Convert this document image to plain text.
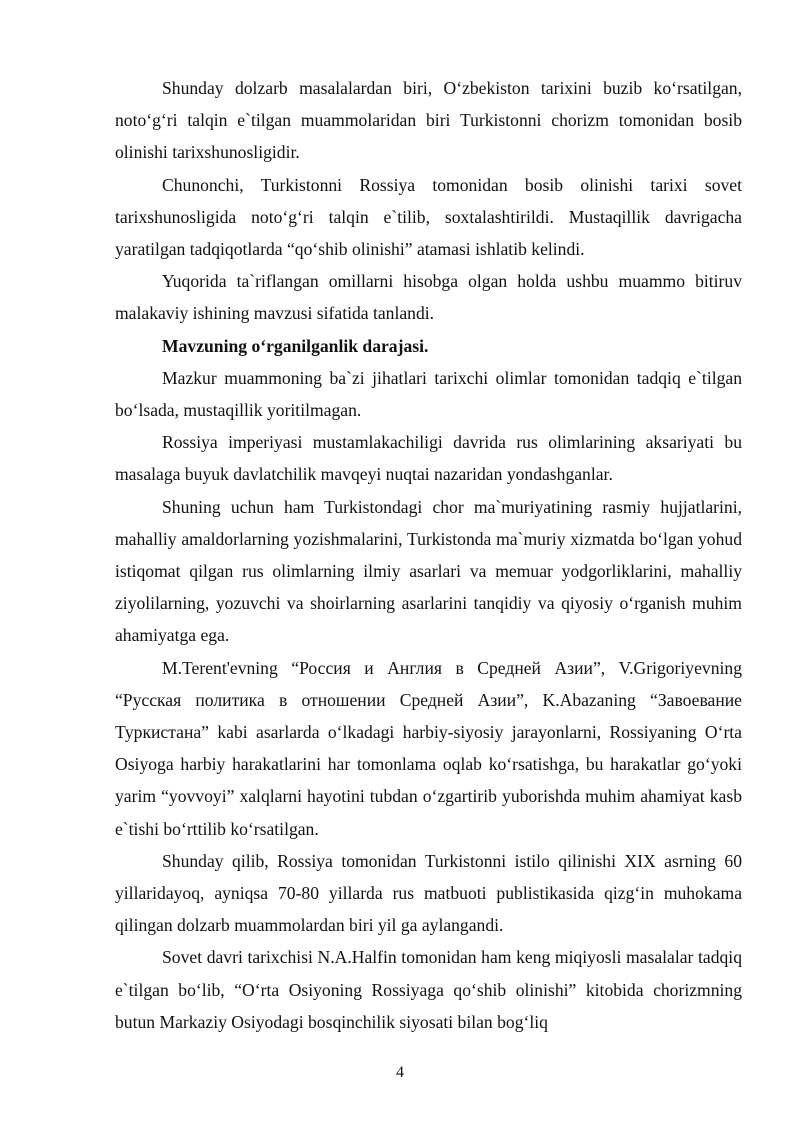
Shunday dolzarb masalalardan biri, O‘zbekiston tarixini buzib ko‘rsatilgan, noto‘g‘ri talqin e`tilgan muammolaridan biri Turkistonni chorizm tomonidan bosib olinishi tarixshunosligidir.

Chunonchi, Turkistonni Rossiya tomonidan bosib olinishi tarixi sovet tarixshunosligida noto‘g‘ri talqin e`tilib, soxtalashtirildi. Mustaqillik davrigacha yaratilgan tadqiqotlarda “qo‘shib olinishi” atamasi ishlatib kelindi.

Yuqorida ta`riflangan omillarni hisobga olgan holda ushbu muammo bitiruv malakaviy ishining mavzusi sifatida tanlandi.

Mavzuning o‘rganilganlik darajasi.

Mazkur muammoning ba`zi jihatlari tarixchi olimlar tomonidan tadqiq e`tilgan bo‘lsada, mustaqillik yoritilmagan.

Rossiya imperiyasi mustamlakachiligi davrida rus olimlarining aksariyati bu masalaga buyuk davlatchilik mavqeyi nuqtai nazaridan yondashganlar.

Shuning uchun ham Turkistondagi chor ma`muriyatining rasmiy hujjatlarini, mahalliy amaldorlarning yozishmalarini, Turkistonda ma`muriy xizmatda bo‘lgan yohud istiqomat qilgan rus olimlarning ilmiy asarlari va memuar yodgorliklarini, mahalliy ziyolilarning, yozuvchi va shoirlarning asarlarini tanqidiy va qiyosiy o‘rganish muhim ahamiyatga ega.

M.Terent'evning “Россия и Англия в Средней Азии”, V.Grigoriyevning “Русская политика в отношении Средней Азии”, K.Abazaning “Завоевание Туркистана” kabi asarlarda o‘lkadagi harbiy-siyosiy jarayonlarni, Rossiyaning O‘rta Osiyoga harbiy harakatlarini har tomonlama oqlab ko‘rsatishga, bu harakatlar go‘yoki yarim “yovvoyi” xalqlarni hayotini tubdan o‘zgartirib yuborishda muhim ahamiyat kasb e`tishi bo‘rttilib ko‘rsatilgan.

Shunday qilib, Rossiya tomonidan Turkistonni istilo qilinishi XIX asrning 60 yillaridayoq, ayniqsa 70-80 yillarda rus matbuoti publistikasida qizg‘in muhokama qilingan dolzarb muammolardan biri yil ga aylangandi.

Sovet davri tarixchisi N.A.Halfin tomonidan ham keng miqiyosli masalalar tadqiq e`tilgan bo‘lib, “O‘rta Osiyoning Rossiyaga qo‘shib olinishi” kitobida chorizmning butun Markaziy Osiyodagi bosqinchilik siyosati bilan bog‘liq

4
